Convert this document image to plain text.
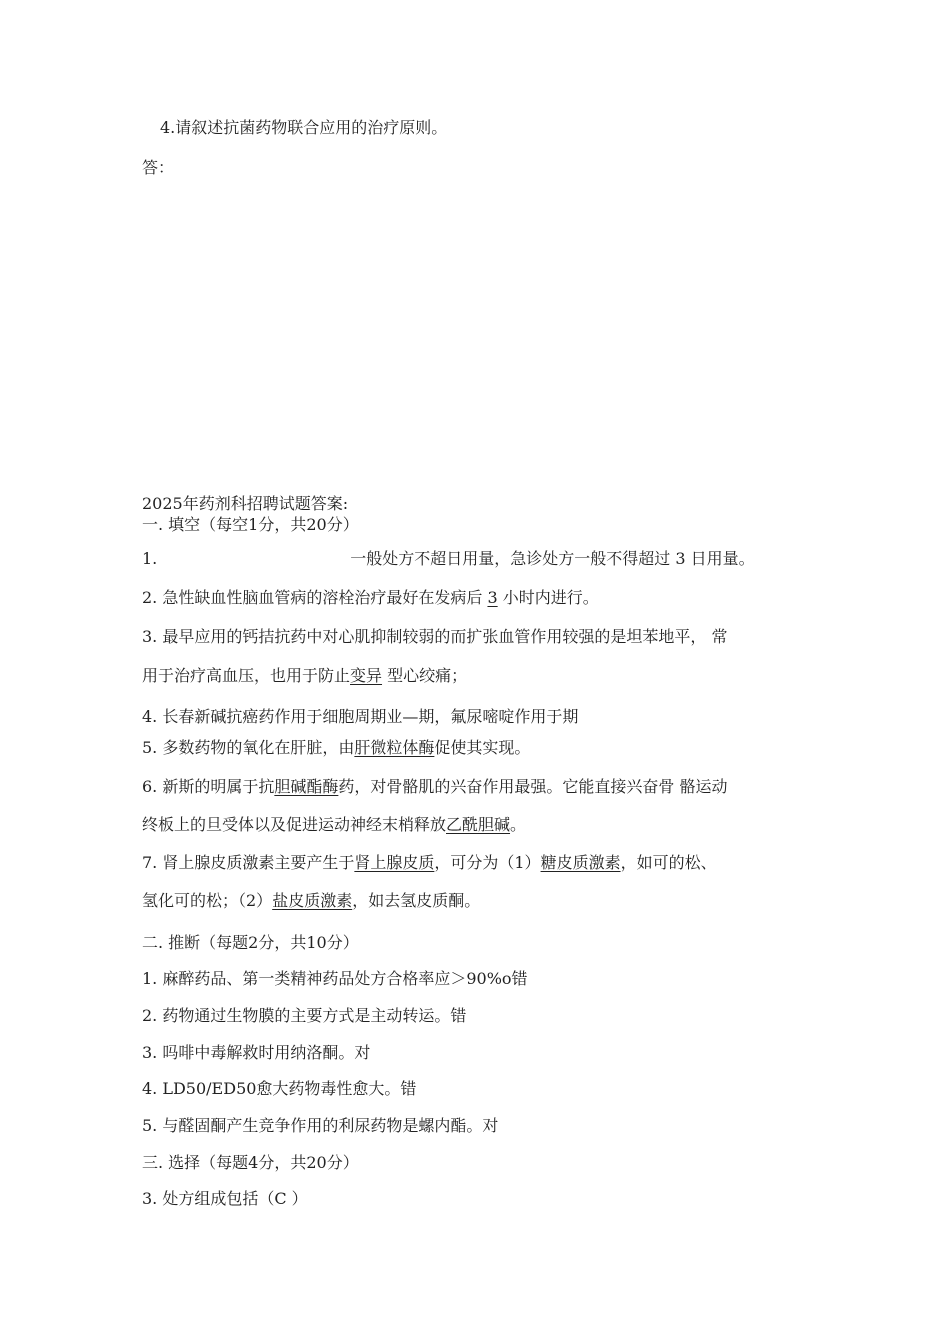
4.请叙述抗菌药物联合应用的治疗原则。
答：
2025年药剂科招聘试题答案:
一. 填空（每空1分，共20分）
1.	一般处方不超日用量，急诊处方一般不得超过 3 日用量。
2. 急性缺血性脑血管病的溶栓治疗最好在发病后 3 小时内进行。
3. 最早应用的钙拮抗药中对心肌抑制较弱的而扩张血管作用较强的是坦苯地平， 常
用于治疗高血压，也用于防止变异 型心绞痛；
4. 长春新碱抗癌药作用于细胞周期业—期，氟尿嘧啶作用于期
5. 多数药物的氧化在肝脏，由肝微粒体酶促使其实现。
6. 新斯的明属于抗胆碱酯酶药，对骨骼肌的兴奋作用最强。它能直接兴奋骨 骼运动
终板上的旦受体以及促进运动神经末梢释放乙酰胆碱。
7. 肾上腺皮质激素主要产生于肾上腺皮质，可分为（1）糖皮质激素，如可的松、
氢化可的松；（2）盐皮质激素，如去氢皮质酮。
二. 推断（每题2分，共10分）
1. 麻醉药品、第一类精神药品处方合格率应＞90%o错
2. 药物通过生物膜的主要方式是主动转运。错
3. 吗啡中毒解救时用纳洛酮。对
4. LD50/ED50愈大药物毒性愈大。错
5. 与醛固酮产生竞争作用的利尿药物是螺内酯。对
三. 选择（每题4分，共20分）
3. 处方组成包括（C ）
